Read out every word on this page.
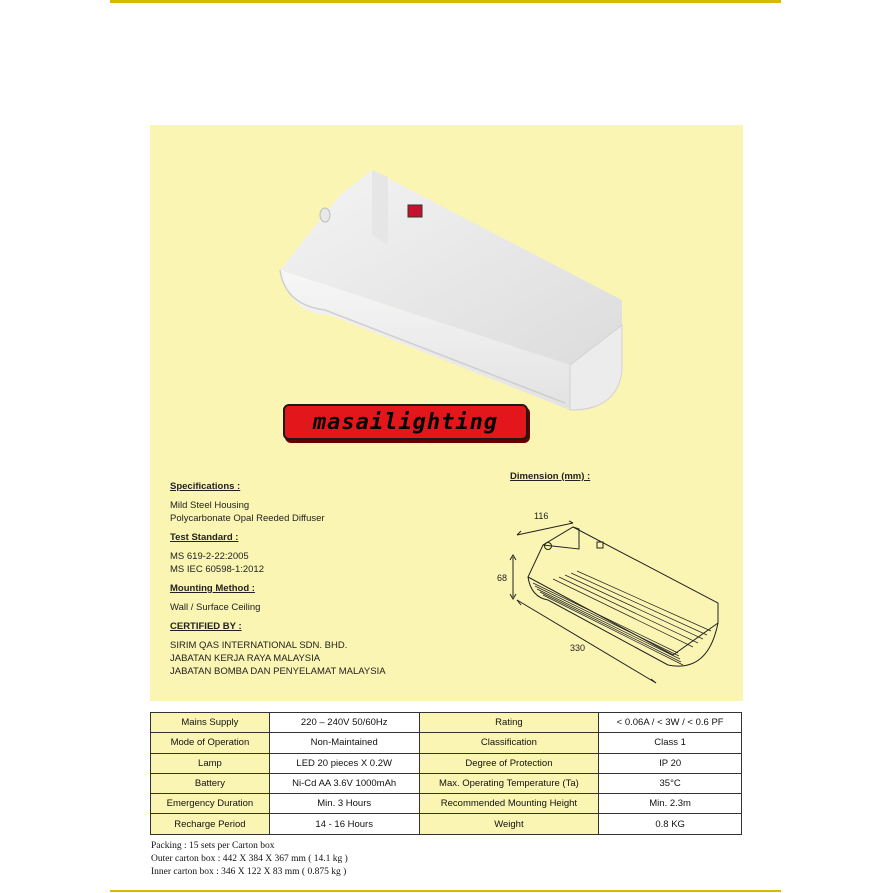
masailighting
Specifications :
Mild Steel Housing
Polycarbonate Opal Reeded Diffuser
Test Standard :
MS 619-2-22:2005
MS IEC 60598-1:2012
Mounting Method :
Wall / Surface Ceiling
CERTIFIED BY :
SIRIM QAS INTERNATIONAL SDN. BHD.
JABATAN KERJA RAYA MALAYSIA
JABATAN BOMBA DAN PENYELAMAT MALAYSIA
Dimension (mm) :
116
68
330
Mains Supply	220 – 240V 50/60Hz	Rating	< 0.06A / < 3W / < 0.6 PF
Mode of Operation	Non-Maintained	Classification	Class 1
Lamp	LED 20 pieces X 0.2W	Degree of Protection	IP 20
Battery	Ni-Cd AA 3.6V 1000mAh	Max. Operating Temperature (Ta)	35°C
Emergency Duration	Min. 3 Hours	Recommended Mounting Height	Min. 2.3m
Recharge Period	14 - 16 Hours	Weight	0.8 KG
Packing : 15 sets per Carton box
Outer carton box : 442 X 384 X 367 mm ( 14.1 kg )
Inner carton box : 346 X 122 X 83 mm ( 0.875 kg )
